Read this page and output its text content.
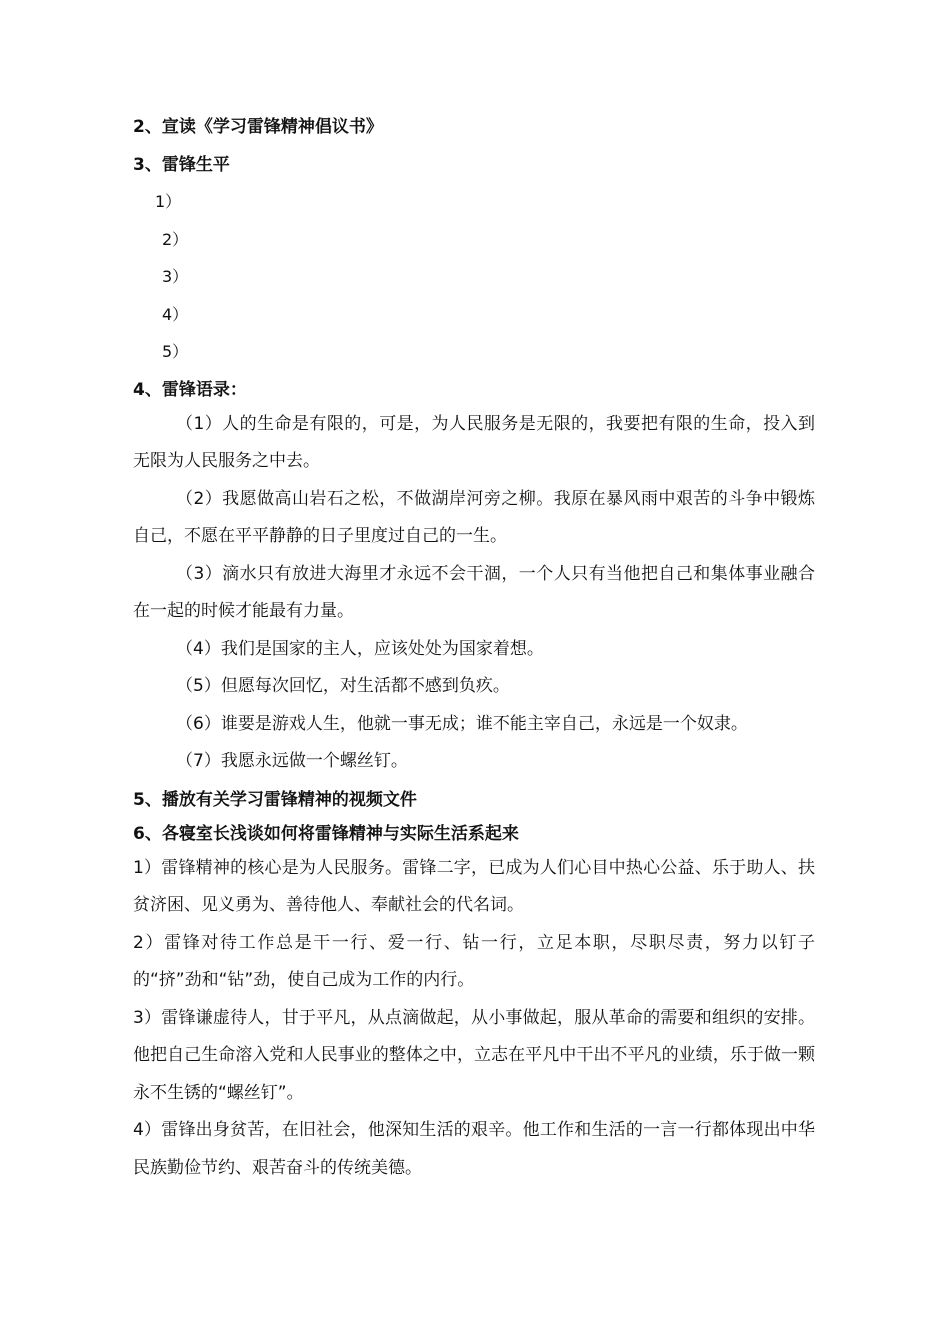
2、宣读《学习雷锋精神倡议书》
3、雷锋生平
1）
2）
3）
4）
5）
4、雷锋语录：

（1）人的生命是有限的，可是，为人民服务是无限的，我要把有限的生命，投入到无限为人民服务之中去。

（2）我愿做高山岩石之松，不做湖岸河旁之柳。我原在暴风雨中艰苦的斗争中锻炼自己，不愿在平平静静的日子里度过自己的一生。

（3）滴水只有放进大海里才永远不会干涸，一个人只有当他把自己和集体事业融合在一起的时候才能最有力量。

（4）我们是国家的主人，应该处处为国家着想。

（5）但愿每次回忆，对生活都不感到负疚。

（6）谁要是游戏人生，他就一事无成；谁不能主宰自己，永远是一个奴隶。

（7）我愿永远做一个螺丝钉。

5、播放有关学习雷锋精神的视频文件
6、各寝室长浅谈如何将雷锋精神与实际生活系起来

1）雷锋精神的核心是为人民服务。雷锋二字，已成为人们心目中热心公益、乐于助人、扶贫济困、见义勇为、善待他人、奉献社会的代名词。

2）雷锋对待工作总是干一行、爱一行、钻一行，立足本职，尽职尽责，努力以钉子的“挤”劲和“钻”劲，使自己成为工作的内行。

3）雷锋谦虚待人，甘于平凡，从点滴做起，从小事做起，服从革命的需要和组织的安排。他把自己生命溶入党和人民事业的整体之中，立志在平凡中干出不平凡的业绩，乐于做一颗永不生锈的“螺丝钉”。

4）雷锋出身贫苦，在旧社会，他深知生活的艰辛。他工作和生活的一言一行都体现出中华民族勤俭节约、艰苦奋斗的传统美德。
